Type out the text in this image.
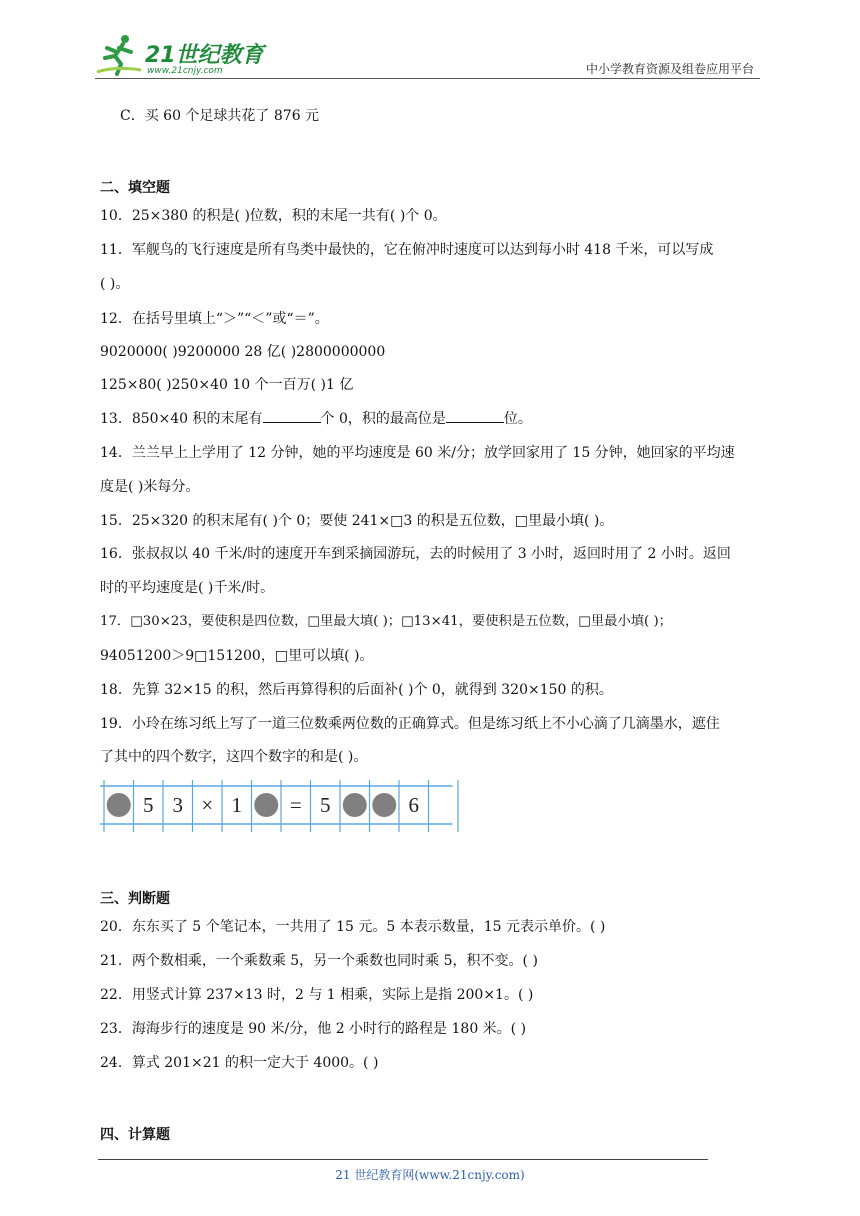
21世纪教育
www.21cnjy.com	中小学教育资源及组卷应用平台
C．买 60 个足球共花了 876 元
二、填空题
10．25×380 的积是( )位数，积的末尾一共有( )个 0。
11．军舰鸟的飞行速度是所有鸟类中最快的，它在俯冲时速度可以达到每小时 418 千米，可以写成
( )。
12．在括号里填上“＞”“＜”或“＝”。
9020000( )9200000 28 亿( )2800000000
125×80( )250×40 10 个一百万( )1 亿
13．850×40 积的末尾有	个 0，积的最高位是	位。
14．兰兰早上上学用了 12 分钟，她的平均速度是 60 米/分；放学回家用了 15 分钟，她回家的平均速
度是( )米每分。
15．25×320 的积末尾有( )个 0；要使 241×□3 的积是五位数，□里最小填( )。
16．张叔叔以 40 千米/时的速度开车到采摘园游玩，去的时候用了 3 小时，返回时用了 2 小时。返回
时的平均速度是( )千米/时。
17．□30×23，要使积是四位数，□里最大填( )；□13×41，要使积是五位数，□里最小填( )；
94051200＞9□151200，□里可以填( )。
18．先算 32×15 的积，然后再算得积的后面补( )个 0，就得到 320×150 的积。
19．小玲在练习纸上写了一道三位数乘两位数的正确算式。但是练习纸上不小心滴了几滴墨水，遮住
了其中的四个数字，这四个数字的和是( )。
5 3 × 1 = 5	6
三、判断题
20．东东买了 5 个笔记本，一共用了 15 元。5 本表示数量，15 元表示单价。( )
21．两个数相乘，一个乘数乘 5，另一个乘数也同时乘 5，积不变。( )
22．用竖式计算 237×13 时，2 与 1 相乘，实际上是指 200×1。( )
23．海海步行的速度是 90 米/分，他 2 小时行的路程是 180 米。( )
24．算式 201×21 的积一定大于 4000。( )
四、计算题
21 世纪教育网(www.21cnjy.com)
